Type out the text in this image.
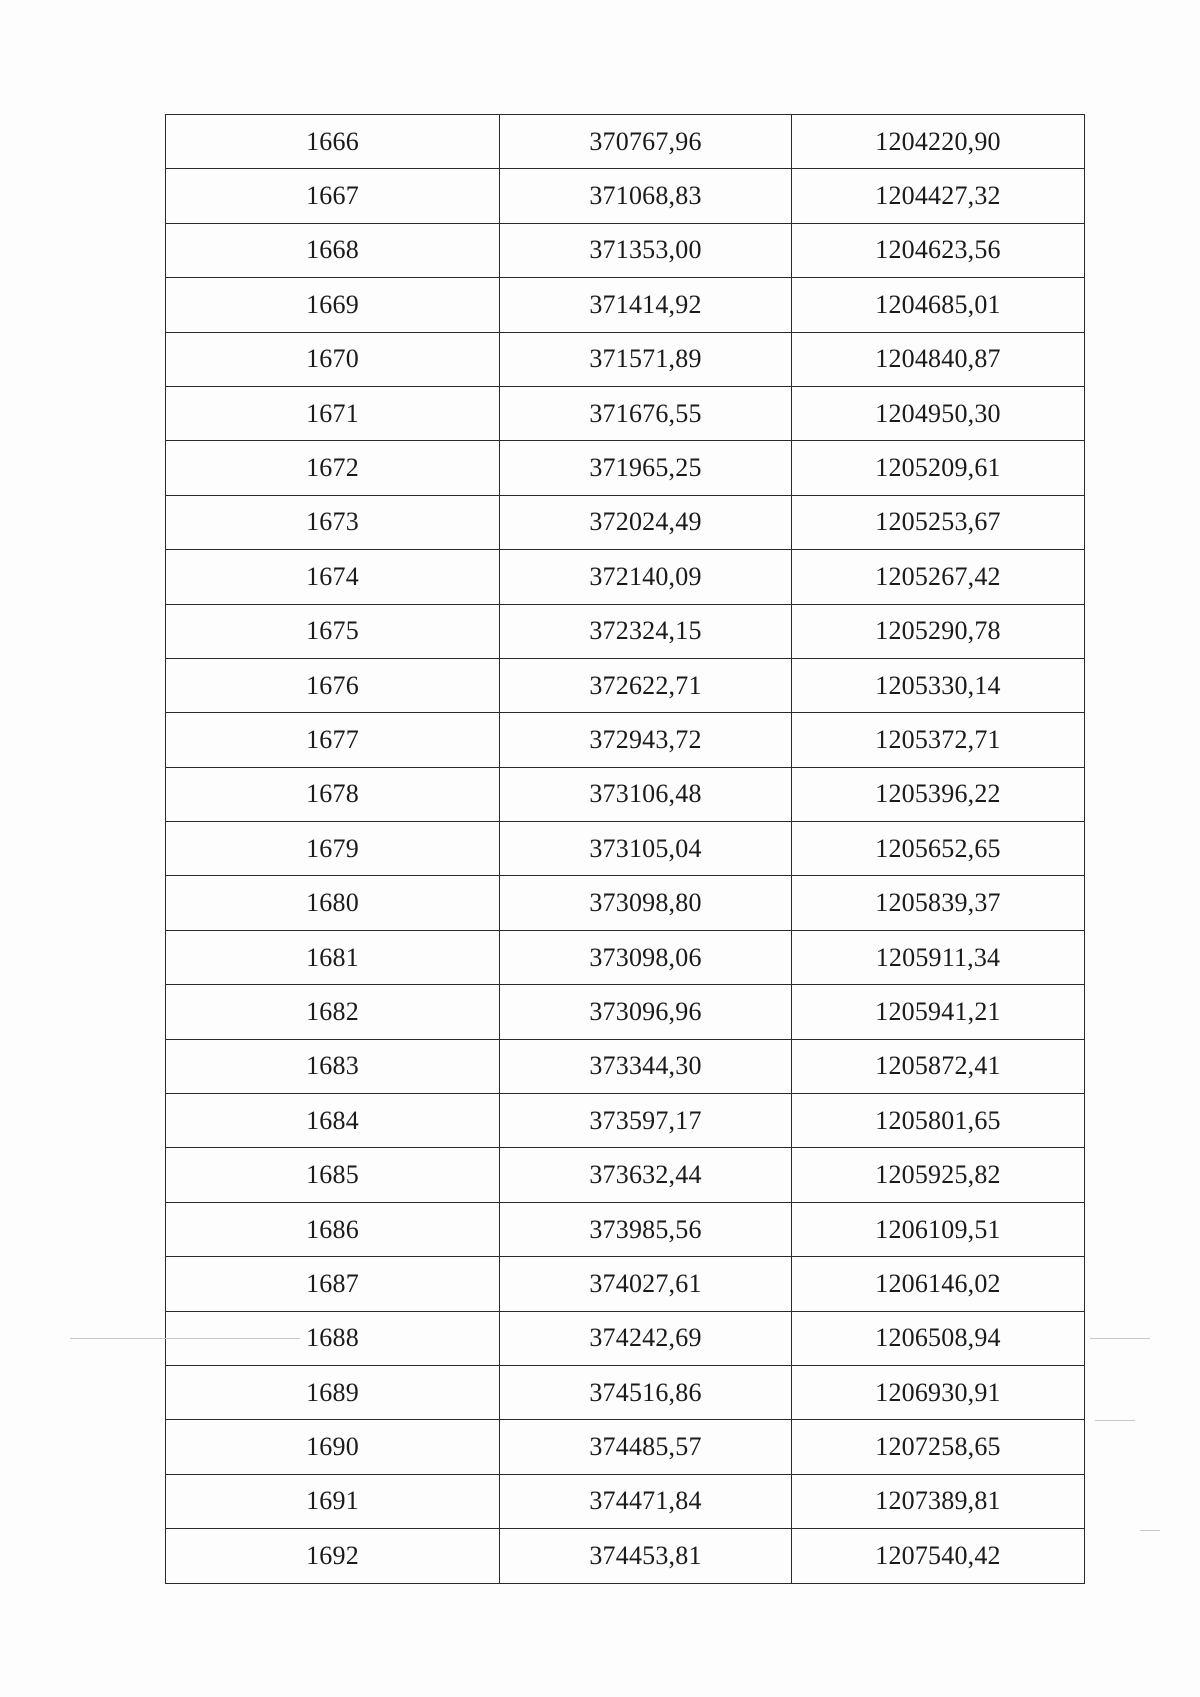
1666	370767,96	1204220,90
1667	371068,83	1204427,32
1668	371353,00	1204623,56
1669	371414,92	1204685,01
1670	371571,89	1204840,87
1671	371676,55	1204950,30
1672	371965,25	1205209,61
1673	372024,49	1205253,67
1674	372140,09	1205267,42
1675	372324,15	1205290,78
1676	372622,71	1205330,14
1677	372943,72	1205372,71
1678	373106,48	1205396,22
1679	373105,04	1205652,65
1680	373098,80	1205839,37
1681	373098,06	1205911,34
1682	373096,96	1205941,21
1683	373344,30	1205872,41
1684	373597,17	1205801,65
1685	373632,44	1205925,82
1686	373985,56	1206109,51
1687	374027,61	1206146,02
1688	374242,69	1206508,94
1689	374516,86	1206930,91
1690	374485,57	1207258,65
1691	374471,84	1207389,81
1692	374453,81	1207540,42
